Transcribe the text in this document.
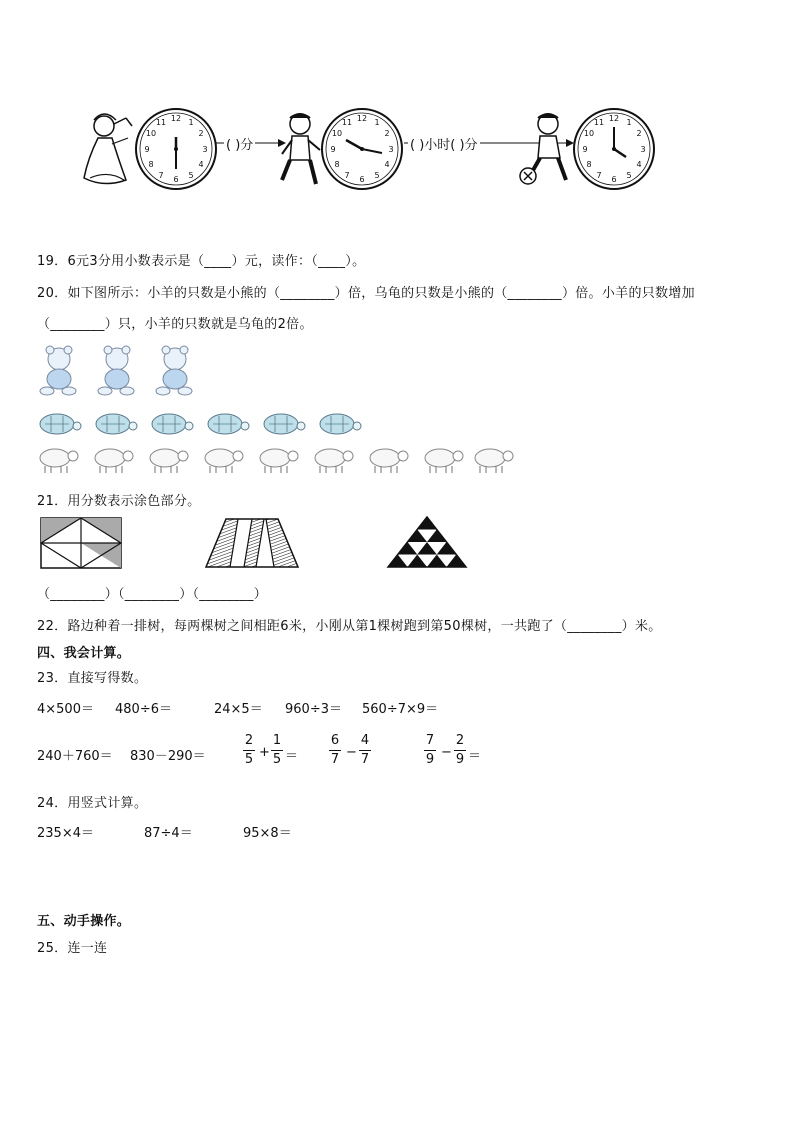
12 1
2
3
4
5
6
7
8
9
10
11
( )分
12 1
2
3
4
5
6
7
8
9
10
11
( )小时( )分
12 1
2
3
4
5
6
7
8
9
10
11
19．6元3分用小数表示是（____）元，读作：（____）。
20．如下图所示：小羊的只数是小熊的（________）倍，乌龟的只数是小熊的（________）倍。小羊的只数增加
（________）只，小羊的只数就是乌龟的2倍。
21．用分数表示涂色部分。
（________）（________）（________）
22．路边种着一排树，每两棵树之间相距6米，小刚从第1棵树跑到第50棵树，一共跑了（________）米。
四、我会计算。
23．直接写得数。
4×500＝ 480÷6＝	24×5＝ 960÷3＝ 560÷7×9＝
240＋760＝ 830－290＝
2
5 +
1
5 ＝
6
7 −
4
7
7
9 −
2
9 ＝
24．用竖式计算。
235×4＝	87÷4＝	95×8＝
五、动手操作。
25．连一连
